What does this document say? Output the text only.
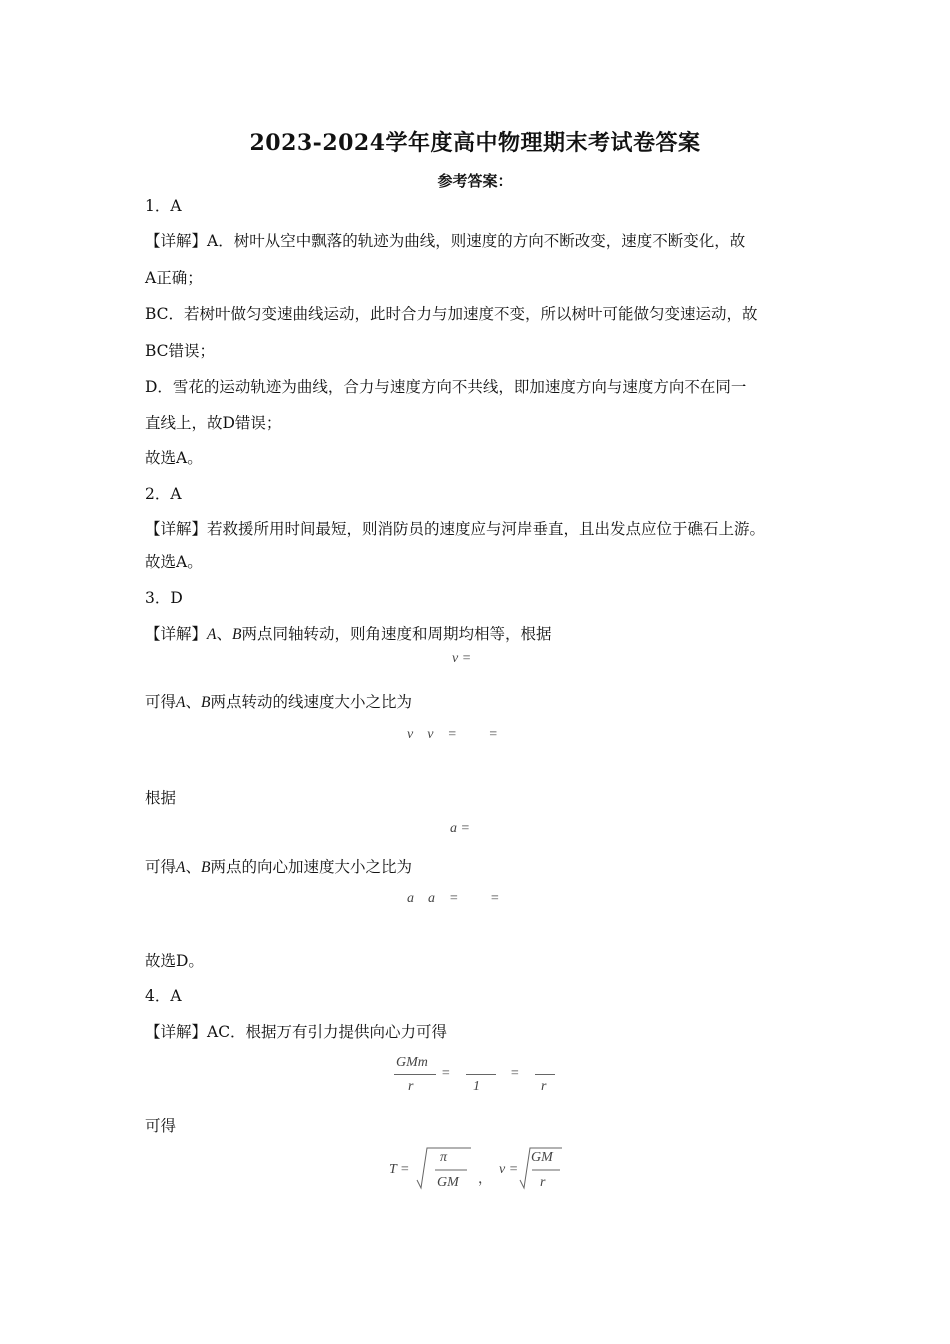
2023-2024学年度高中物理期末考试卷答案
参考答案：
1．A
【详解】A．树叶从空中飘落的轨迹为曲线，则速度的方向不断改变，速度不断变化，故
A正确；
BC．若树叶做匀变速曲线运动，此时合力与加速度不变，所以树叶可能做匀变速运动，故
BC错误；
D．雪花的运动轨迹为曲线，合力与速度方向不共线，即加速度方向与速度方向不在同一
直线上，故D错误；
故选A。
2．A
【详解】若救援所用时间最短，则消防员的速度应与河岸垂直，且出发点应位于礁石上游。
故选A。
3．D
【详解】A、B两点同轴转动，则角速度和周期均相等，根据
v =
可得A、B两点转动的线速度大小之比为
v    v    =         =
根据
a =
可得A、B两点的向心加速度大小之比为
a    a    =         =
故选D。
4．A
【详解】AC．根据万有引力提供向心力可得
GMm
r
=
1
=
r
可得
T =
π
GM ，
v =
GM
r
